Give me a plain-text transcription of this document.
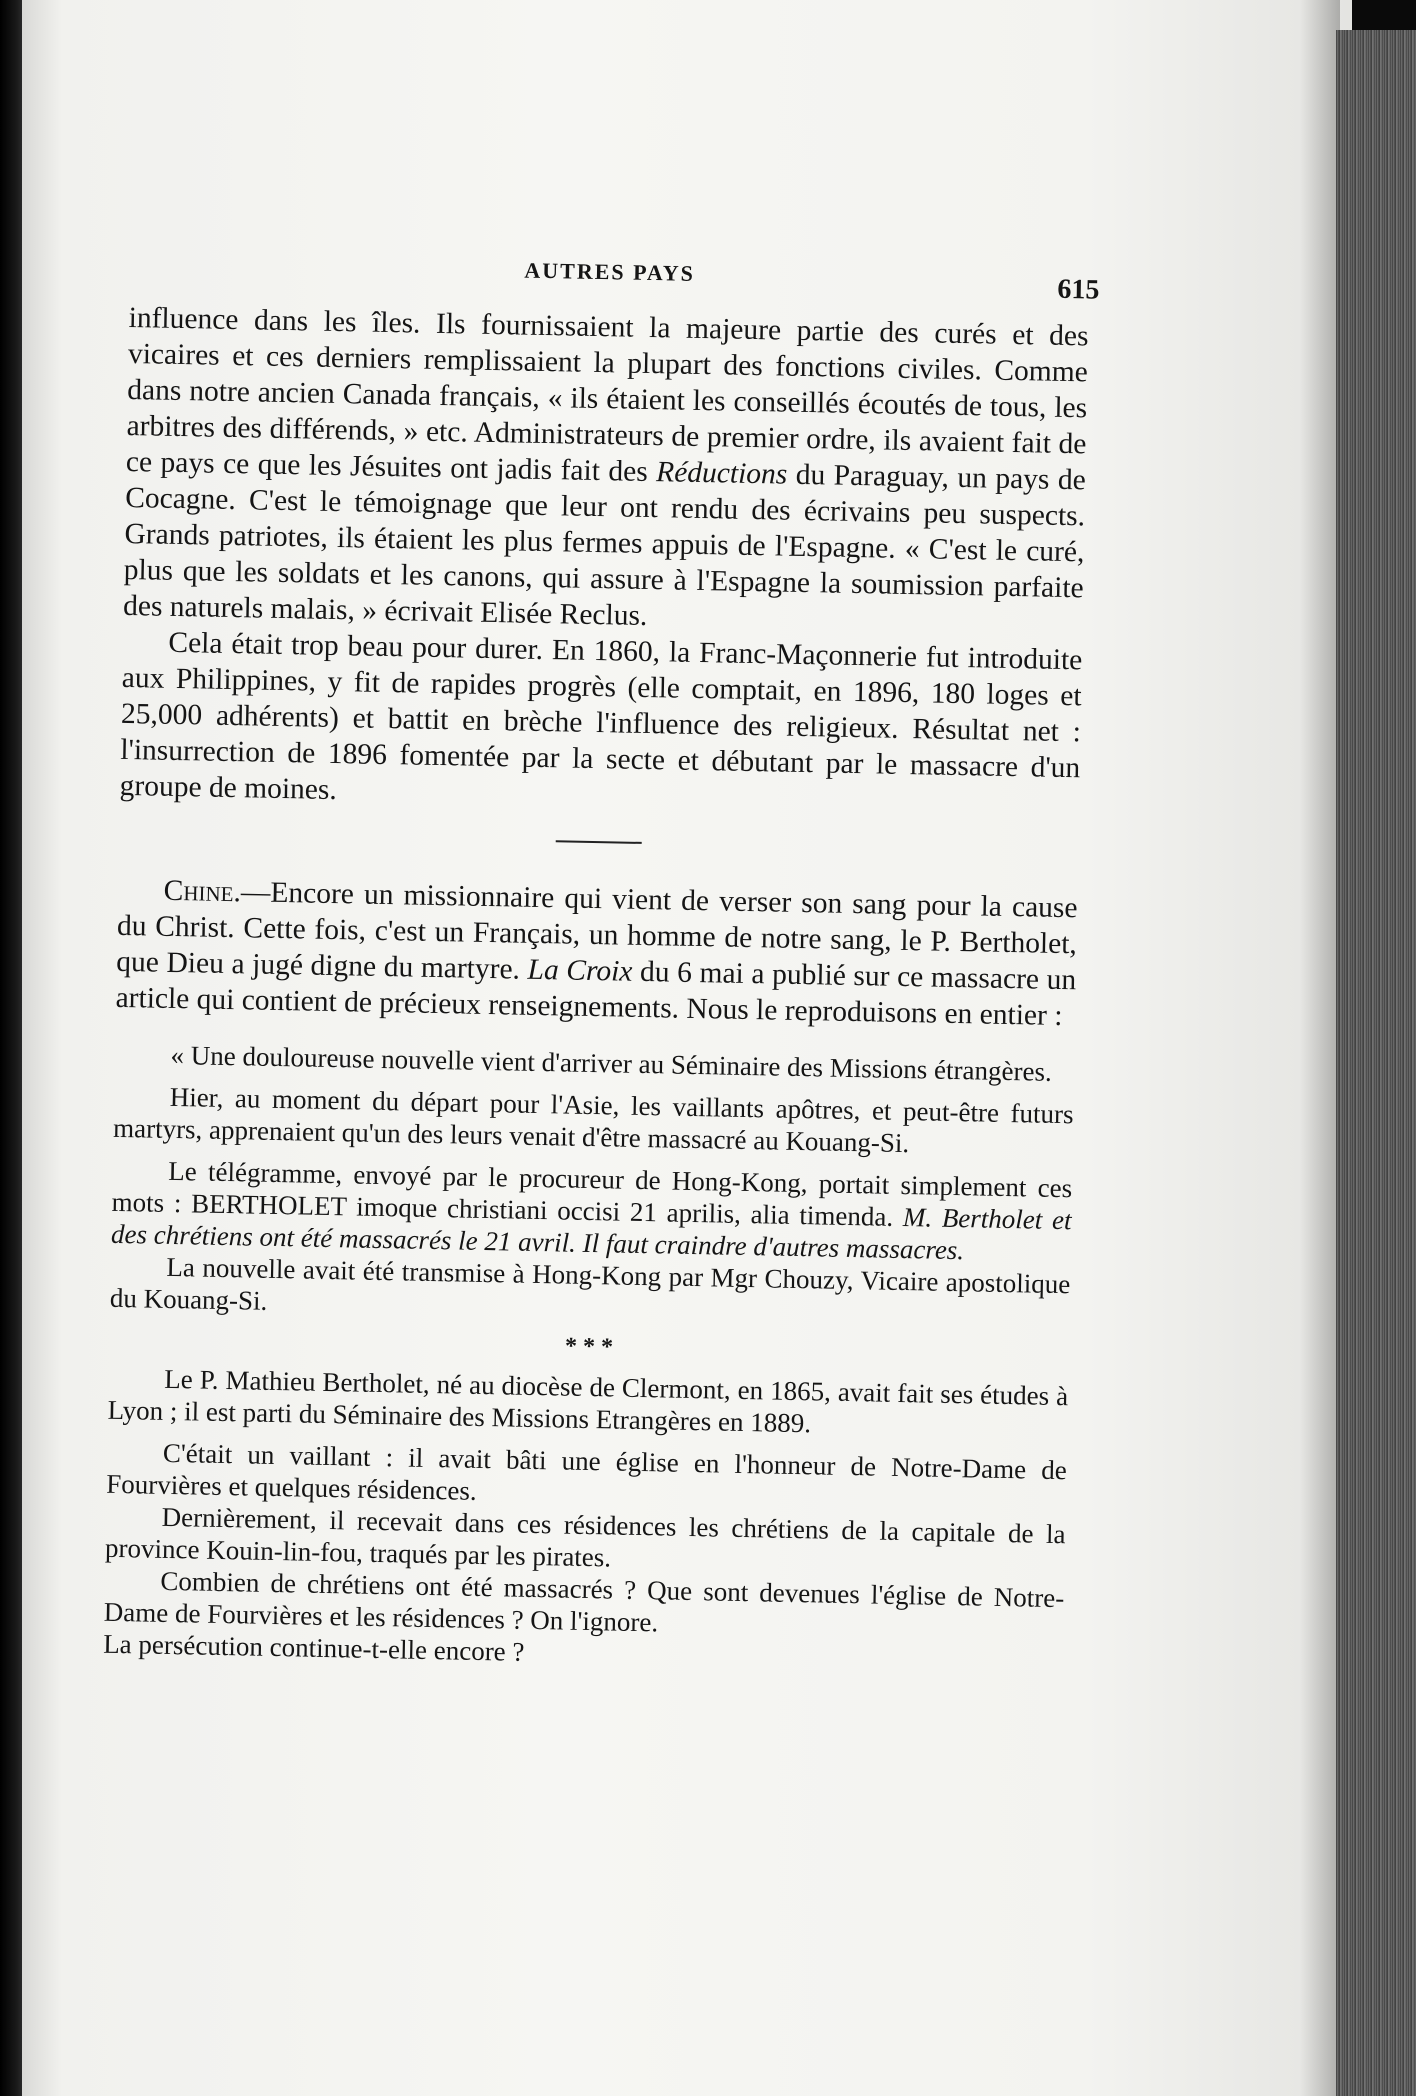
AUTRES PAYS
615

influence dans les îles. Ils fournissaient la majeure partie des curés et des vicaires et ces derniers remplissaient la plupart des fonctions civiles. Comme dans notre ancien Canada français, « ils étaient les conseillés écoutés de tous, les arbitres des différends, » etc. Administrateurs de premier ordre, ils avaient fait de ce pays ce que les Jésuites ont jadis fait des Réductions du Paraguay, un pays de Cocagne. C'est le témoignage que leur ont rendu des écrivains peu suspects. Grands patriotes, ils étaient les plus fermes appuis de l'Espagne. « C'est le curé, plus que les soldats et les canons, qui assure à l'Espagne la soumission parfaite des naturels malais, » écrivait Elisée Reclus.

Cela était trop beau pour durer. En 1860, la Franc-Maçonnerie fut introduite aux Philippines, y fit de rapides progrès (elle comptait, en 1896, 180 loges et 25,000 adhérents) et battit en brèche l'influence des religieux. Résultat net : l'insurrection de 1896 fomentée par la secte et débutant par le massacre d'un groupe de moines.

Chine.—Encore un missionnaire qui vient de verser son sang pour la cause du Christ. Cette fois, c'est un Français, un homme de notre sang, le P. Bertholet, que Dieu a jugé digne du martyre. La Croix du 6 mai a publié sur ce massacre un article qui contient de précieux renseignements. Nous le reproduisons en entier :

« Une douloureuse nouvelle vient d'arriver au Séminaire des Missions étrangères.

Hier, au moment du départ pour l'Asie, les vaillants apôtres, et peut-être futurs martyrs, apprenaient qu'un des leurs venait d'être massacré au Kouang-Si.

Le télégramme, envoyé par le procureur de Hong-Kong, portait simplement ces mots : BERTHOLET imoque christiani occisi 21 aprilis, alia timenda. M. Bertholet et des chrétiens ont été massacrés le 21 avril. Il faut craindre d'autres massacres.

La nouvelle avait été transmise à Hong-Kong par Mgr Chouzy, Vicaire apostolique du Kouang-Si.

* * *

Le P. Mathieu Bertholet, né au diocèse de Clermont, en 1865, avait fait ses études à Lyon ; il est parti du Séminaire des Missions Etrangères en 1889.

C'était un vaillant : il avait bâti une église en l'honneur de Notre-Dame de Fourvières et quelques résidences.

Dernièrement, il recevait dans ces résidences les chrétiens de la capitale de la province Kouin-lin-fou, traqués par les pirates.

Combien de chrétiens ont été massacrés ? Que sont devenues l'église de Notre-Dame de Fourvières et les résidences ? On l'ignore.

La persécution continue-t-elle encore ?
